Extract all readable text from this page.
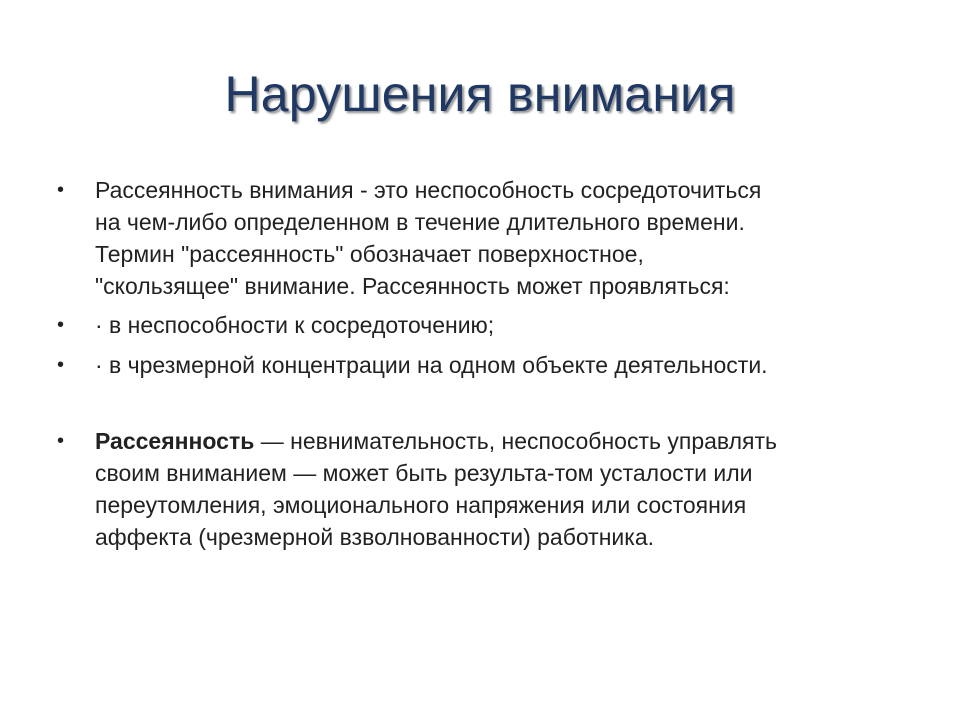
Нарушения внимания
•	Рассеянность внимания - это неспособность сосредоточиться
на чем-либо определенном в течение длительного времени.
Термин "рассеянность" обозначает поверхностное,
"скользящее" внимание. Рассеянность может проявляться:
•	· в неспособности к сосредоточению;
•	· в чрезмерной концентрации на одном объекте деятельности.
•	Рассеянность — невнимательность, неспособность управлять
своим вниманием — может быть результа-том усталости или
переутомления, эмоционального напряжения или состояния
аффекта (чрезмерной взволнованности) работника.
